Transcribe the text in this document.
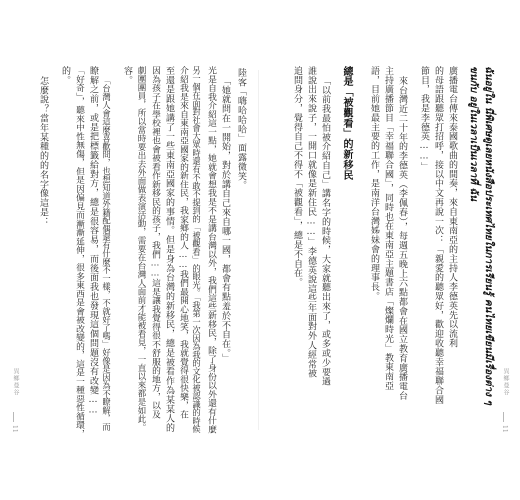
ฉันอยู่ใน นี่พิเศษดูเลยหนังสือประเทศไทยในการเรียนรู้ คนไทยเขียนมีเรื่องต่าง ๆ
ขนกับ อยู่ในเวลาเป็นเวลาที่ ฉัน
廣播電台傳來泰國歌曲的間奏，來自東南亞的主持人李德英先以流利
的母語跟聽眾打招呼，接以中文再說一次：「親愛的聽眾好，歡迎收聽幸福聯合國
節目，我是李德英……」
來台灣近二十年的李德英（李佩春），每週五晚上六點都會在國立教育廣播電台
主持廣播節目「幸福聯合國」，同時也在東南亞主題書店「燦爛時光」教東南亞
語，目前她最主要的工作，是南洋台灣姊妹會的理事長。
總是「被觀看」的新移民
「以前我最怕被介紹自己」講名字的時候，大家就聽出來了，或多或少要過
誰說出來說子，一開口就像是新住民……」李德英說這些年面對外人經常被
追問身分，覺得自己不得不「被觀看」，總是不自在。
異鄉曼谷
11
陸客「嗨哈哈哈」面露微笑。
「她就問在一開始，對於講自己來自哪一國，都會有點羞於不自在。」
光是自我介紹這一點，她就會想我是不是講台灣以外，我們這些新移民，除了身份以外還有什麼
另一個在面對社會大眾時還有不敢不提到的「被觀看」的眼光。「我第一次因為我的文化被認識的時候
介紹我是來自東南亞國家的新住民，我家鄉的人……我們最開心地笑，我就覺得很快樂，在
至還是跟她講了一些東南亞國家的事情。但是身為台灣的新移民，總是被看作為某某人的
因為孩子在學校裡也會被看作新移民的孩子，我們……這是讓我覺得很不舒服的地方，以及
劇團團員，所以當時要出去外面做表演活動，需要在台灣人面前才能被看見，一直以來都是如此。
容。
「台灣人會這麼喜歡問，也想知道外籍配偶還有什麼不一樣，不就好了嗎」好像是因為不瞭解，而
瞭解之前，或是把標籤給對方，總是很容易，而後面我也發現這個問題沒有改變……
「好奇」，聽來中性無傷，但是因偏見而漸漸延伸，很多東西是會被改變的，這是一種惡性循環，
的。
怎麼說？當年某種的的名字像這是：
異鄉曼谷
11
